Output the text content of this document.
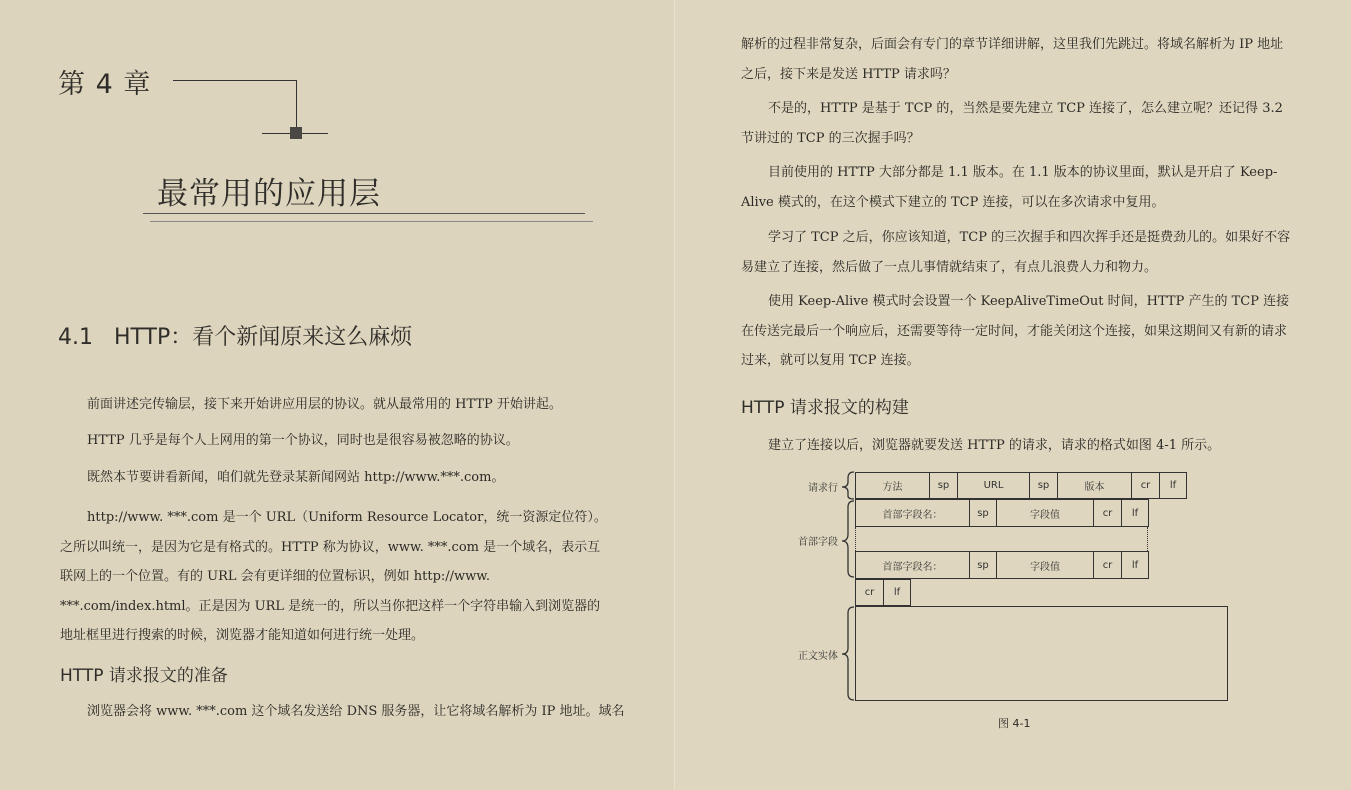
第 4 章
最常用的应用层
4.1   HTTP：看个新闻原来这么麻烦
前面讲述完传输层，接下来开始讲应用层的协议。就从最常用的 HTTP 开始讲起。
HTTP 几乎是每个人上网用的第一个协议，同时也是很容易被忽略的协议。
既然本节要讲看新闻，咱们就先登录某新闻网站 http://www.***.com。
http://www. ***.com 是一个 URL（Uniform Resource Locator，统一资源定位符）。之所以叫统一，是因为它是有格式的。HTTP 称为协议，www. ***.com 是一个域名，表示互联网上的一个位置。有的 URL 会有更详细的位置标识，例如 http://www. ***.com/index.html。正是因为 URL 是统一的，所以当你把这样一个字符串输入到浏览器的地址框里进行搜索的时候，浏览器才能知道如何进行统一处理。
HTTP 请求报文的准备
浏览器会将 www. ***.com 这个域名发送给 DNS 服务器，让它将域名解析为 IP 地址。域名
解析的过程非常复杂，后面会有专门的章节详细讲解，这里我们先跳过。将域名解析为 IP 地址之后，接下来是发送 HTTP 请求吗？
不是的，HTTP 是基于 TCP 的，当然是要先建立 TCP 连接了，怎么建立呢？还记得 3.2 节讲过的 TCP 的三次握手吗？
目前使用的 HTTP 大部分都是 1.1 版本。在 1.1 版本的协议里面，默认是开启了 Keep-Alive 模式的，在这个模式下建立的 TCP 连接，可以在多次请求中复用。
学习了 TCP 之后，你应该知道，TCP 的三次握手和四次挥手还是挺费劲儿的。如果好不容易建立了连接，然后做了一点儿事情就结束了，有点儿浪费人力和物力。
使用 Keep-Alive 模式时会设置一个 KeepAliveTimeOut 时间，HTTP 产生的 TCP 连接在传送完最后一个响应后，还需要等待一定时间，才能关闭这个连接，如果这期间又有新的请求过来，就可以复用 TCP 连接。
HTTP 请求报文的构建
建立了连接以后，浏览器就要发送 HTTP 的请求，请求的格式如图 4-1 所示。
请求行
首部字段
正文实体
方法	sp	URL	sp	版本	cr	lf
首部字段名：	sp	字段值	cr	lf
首部字段名：	sp	字段值	cr	lf
cr	lf
图 4-1
